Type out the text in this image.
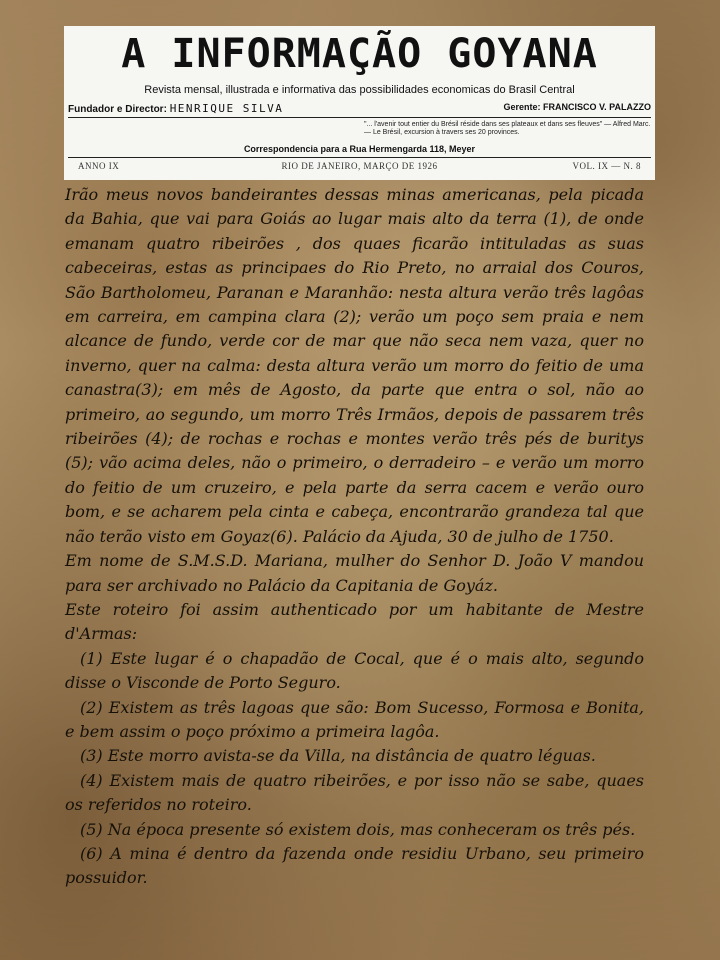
A INFORMAÇÃO GOYANA
Revista mensal, illustrada e informativa das possibilidades economicas do Brasil Central
Fundador e Director: HENRIQUE SILVA	Gerente: FRANCISCO V. PALAZZO
"... l'avenir tout entier du Brésil réside dans ses plateaux et dans ses fleuves" — Alfred Marc. — Le Brésil, excursion à travers ses 20 provinces.
Correspondencia para a Rua Hermengarda 118, Meyer
ANNO IX	RIO DE JANEIRO, MARÇO DE 1926	VOL. IX — N. 8

Irão meus novos bandeirantes dessas minas americanas, pela picada da Bahia, que vai para Goiás ao lugar mais alto da terra (1), de onde emanam quatro ribeirões , dos quaes ficarão intituladas as suas cabeceiras, estas as principaes do Rio Preto, no arraial dos Couros, São Bartholomeu, Paranan e Maranhão: nesta altura verão três lagôas em carreira, em campina clara (2); verão um poço sem praia e nem alcance de fundo, verde cor de mar que não seca nem vaza, quer no inverno, quer na calma: desta altura verão um morro do feitio de uma canastra(3); em mês de Agosto, da parte que entra o sol, não ao primeiro, ao segundo, um morro Três Irmãos, depois de passarem três ribeirões (4); de rochas e rochas e montes verão três pés de buritys (5); vão acima deles, não o primeiro, o derradeiro – e verão um morro do feitio de um cruzeiro, e pela parte da serra cacem e verão ouro bom, e se acharem pela cinta e cabeça, encontrarão grandeza tal que não terão visto em Goyaz(6). Palácio da Ajuda, 30 de julho de 1750.

Em nome de S.M.S.D. Mariana, mulher do Senhor D. João V mandou para ser archivado no Palácio da Capitania de Goyáz.

Este roteiro foi assim authenticado por um habitante de Mestre d'Armas:

(1) Este lugar é o chapadão de Cocal, que é o mais alto, segundo disse o Visconde de Porto Seguro.

(2) Existem as três lagoas que são: Bom Sucesso, Formosa e Bonita, e bem assim o poço próximo a primeira lagôa.

(3) Este morro avista-se da Villa, na distância de quatro léguas.

(4) Existem mais de quatro ribeirões, e por isso não se sabe, quaes os referidos no roteiro.

(5) Na época presente só existem dois, mas conheceram os três pés.

(6) A mina é dentro da fazenda onde residiu Urbano, seu primeiro possuidor.
